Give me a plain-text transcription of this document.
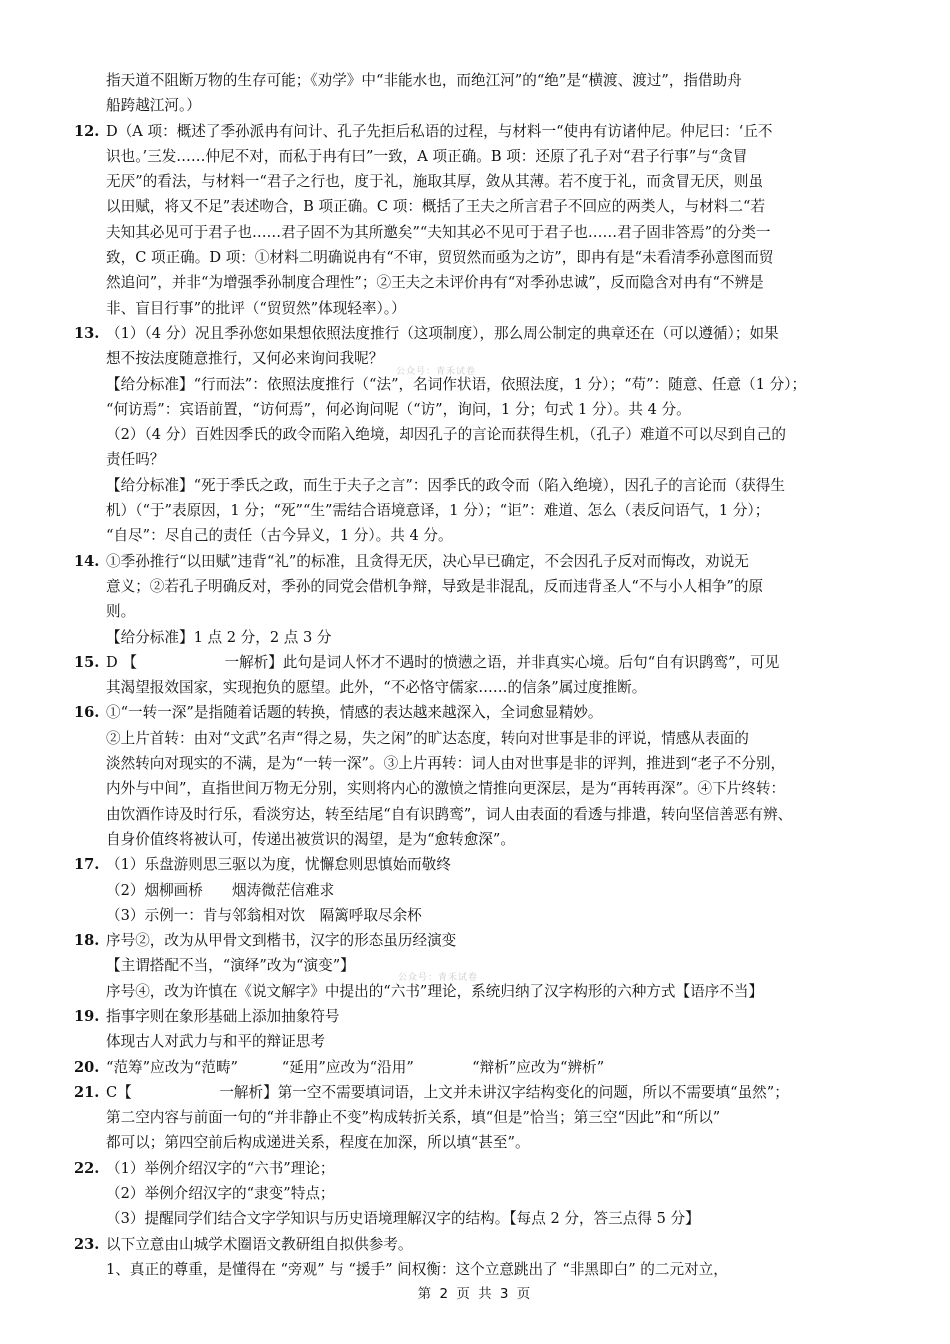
指天道不阻断万物的生存可能；《劝学》中“非能水也，而绝江河”的“绝”是“横渡、渡过”，指借助舟
船跨越江河。）
12. D（A 项：概述了季孙派冉有问计、孔子先拒后私语的过程，与材料一“使冉有访诸仲尼。仲尼曰：‘丘不
识也。’三发……仲尼不对，而私于冉有曰”一致，A 项正确。B 项：还原了孔子对“君子行事”与“贪冒
无厌”的看法，与材料一“君子之行也，度于礼，施取其厚，敛从其薄。若不度于礼，而贪冒无厌，则虽
以田赋，将又不足”表述吻合，B 项正确。C 项：概括了王夫之所言君子不回应的两类人，与材料二“若
夫知其必见可于君子也……君子固不为其所邀矣”“夫知其必不见可于君子也……君子固非答焉”的分类一
致，C 项正确。D 项：①材料二明确说冉有“不审，贸贸然而亟为之访”，即冉有是“未看清季孙意图而贸
然追问”，并非“为增强季孙制度合理性”；②王夫之未评价冉有“对季孙忠诚”，反而隐含对冉有“不辨是
非、盲目行事”的批评（“贸贸然”体现轻率）。）
13. （1）（4 分）况且季孙您如果想依照法度推行（这项制度），那么周公制定的典章还在（可以遵循）；如果
想不按法度随意推行，又何必来询问我呢？
【给分标准】“行而法”：依照法度推行（“法”，名词作状语，依照法度，1 分）；“苟”：随意、任意（1 分）；
“何访焉”：宾语前置，“访何焉”，何必询问呢（“访”，询问，1 分；句式 1 分）。共 4 分。
（2）（4 分）百姓因季氏的政令而陷入绝境，却因孔子的言论而获得生机，（孔子）难道不可以尽到自己的
责任吗？
【给分标准】“死于季氏之政，而生于夫子之言”：因季氏的政令而（陷入绝境），因孔子的言论而（获得生
机）（“于”表原因，1 分；“死”“生”需结合语境意译，1 分）；“讵”：难道、怎么（表反问语气，1 分）；
“自尽”：尽自己的责任（古今异义，1 分）。共 4 分。
14. ①季孙推行“以田赋”违背“礼”的标准，且贪得无厌，决心早已确定，不会因孔子反对而悔改，劝说无
意义；②若孔子明确反对，季孙的同党会借机争辩，导致是非混乱，反而违背圣人“不与小人相争”的原
则。
【给分标准】1 点 2 分，2 点 3 分
15. D 【　　　　　　一解析】此句是词人怀才不遇时的愤懑之语，并非真实心境。后句“自有识鹍鸾”，可见
其渴望报效国家，实现抱负的愿望。此外，“不必恪守儒家……的信条”属过度推断。
16. ①“一转一深”是指随着话题的转换，情感的表达越来越深入，全词愈显精妙。
②上片首转：由对“文武”名声“得之易，失之闲”的旷达态度，转向对世事是非的评说，情感从表面的
淡然转向对现实的不满，是为“一转一深”。③上片再转：词人由对世事是非的评判，推进到“老子不分别，
内外与中间”，直指世间万物无分别，实则将内心的激愤之情推向更深层，是为“再转再深”。④下片终转：
由饮酒作诗及时行乐，看淡穷达，转至结尾“自有识鹍鸾”，词人由表面的看透与排遣，转向坚信善恶有辨、
自身价值终将被认可，传递出被赏识的渴望，是为“愈转愈深”。
17. （1）乐盘游则思三驱以为度，忧懈怠则思慎始而敬终
（2）烟柳画桥　　烟涛微茫信难求
（3）示例一：肯与邻翁相对饮　隔篱呼取尽余杯
18. 序号②，改为从甲骨文到楷书，汉字的形态虽历经演变
【主谓搭配不当，“演绎”改为“演变”】
序号④，改为许慎在《说文解字》中提出的“六书”理论，系统归纳了汉字构形的六种方式【语序不当】
19. 指事字则在象形基础上添加抽象符号
体现古人对武力与和平的辩证思考
20. “范筹”应改为“范畴”　　　“延用”应改为“沿用”　　　　“辩析”应改为“辨析”
21. C【　　　　　　一解析】第一空不需要填词语，上文并未讲汉字结构变化的问题，所以不需要填“虽然”；
第二空内容与前面一句的“并非静止不变”构成转折关系，填“但是”恰当；第三空“因此”和“所以”
都可以；第四空前后构成递进关系，程度在加深，所以填“甚至”。
22. （1）举例介绍汉字的“六书”理论；
（2）举例介绍汉字的“隶变”特点；
（3）提醒同学们结合文字学知识与历史语境理解汉字的结构。【每点 2 分，答三点得 5 分】
23. 以下立意由山城学术圈语文教研组自拟供参考。
1、真正的尊重，是懂得在 “旁观” 与 “援手” 间权衡：这个立意跳出了 “非黑即白” 的二元对立，
公众号：青禾试卷
公众号：青禾试卷
第 2 页 共 3 页
